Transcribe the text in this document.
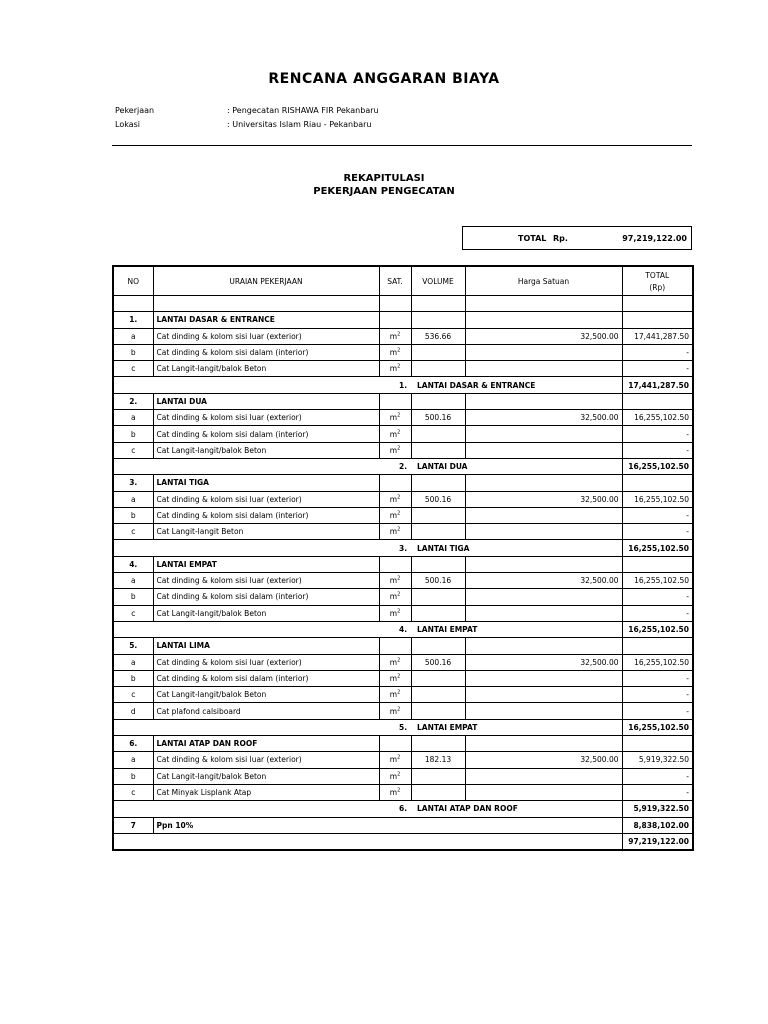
RENCANA ANGGARAN BIAYA
Pekerjaan	: Pengecatan RISHAWA FIR Pekanbaru
Lokasi	: Universitas Islam Riau - Pekanbaru
REKAPITULASI
PEKERJAAN PENGECATAN
TOTAL Rp.	97,219,122.00
NO	URAIAN PEKERJAAN	SAT.	VOLUME	Harga Satuan	TOTAL
(Rp)

1.	LANTAI DASAR & ENTRANCE				
a	Cat dinding & kolom sisi luar (exterior)	$m^2$	536.66	32,500.00	17,441,287.50
b	Cat dinding & kolom sisi dalam (interior)	$m^2$			-
c	Cat Langit-langit/balok Beton	$m^2$			-
1. LANTAI DASAR & ENTRANCE					17,441,287.50
2.	LANTAI DUA				
a	Cat dinding & kolom sisi luar (exterior)	$m^2$	500.16	32,500.00	16,255,102.50
b	Cat dinding & kolom sisi dalam (interior)	$m^2$			-
c	Cat Langit-langit/balok Beton	$m^2$			-
2. LANTAI DUA					16,255,102.50
3.	LANTAI TIGA				
a	Cat dinding & kolom sisi luar (exterior)	$m^2$	500.16	32,500.00	16,255,102.50
b	Cat dinding & kolom sisi dalam (interior)	$m^2$			-
c	Cat Langit-langit Beton	$m^2$			-
3. LANTAI TIGA					16,255,102.50
4.	LANTAI EMPAT				
a	Cat dinding & kolom sisi luar (exterior)	$m^2$	500.16	32,500.00	16,255,102.50
b	Cat dinding & kolom sisi dalam (interior)	$m^2$			-
c	Cat Langit-langit/balok Beton	$m^2$			-
4. LANTAI EMPAT					16,255,102.50
5.	LANTAI LIMA				
a	Cat dinding & kolom sisi luar (exterior)	$m^2$	500.16	32,500.00	16,255,102.50
b	Cat dinding & kolom sisi dalam (interior)	$m^2$			-
c	Cat Langit-langit/balok Beton	$m^2$			-
d	Cat plafond calsiboard	$m^2$			-
5. LANTAI EMPAT					16,255,102.50
6.	LANTAI ATAP DAN ROOF				
a	Cat dinding & kolom sisi luar (exterior)	$m^2$	182.13	32,500.00	5,919,322.50
b	Cat Langit-langit/balok Beton	$m^2$			-
c	Cat Minyak Lisplank Atap	$m^2$			-
6. LANTAI ATAP DAN ROOF					5,919,322.50
7	Ppn 10%				8,838,102.00
					97,219,122.00
